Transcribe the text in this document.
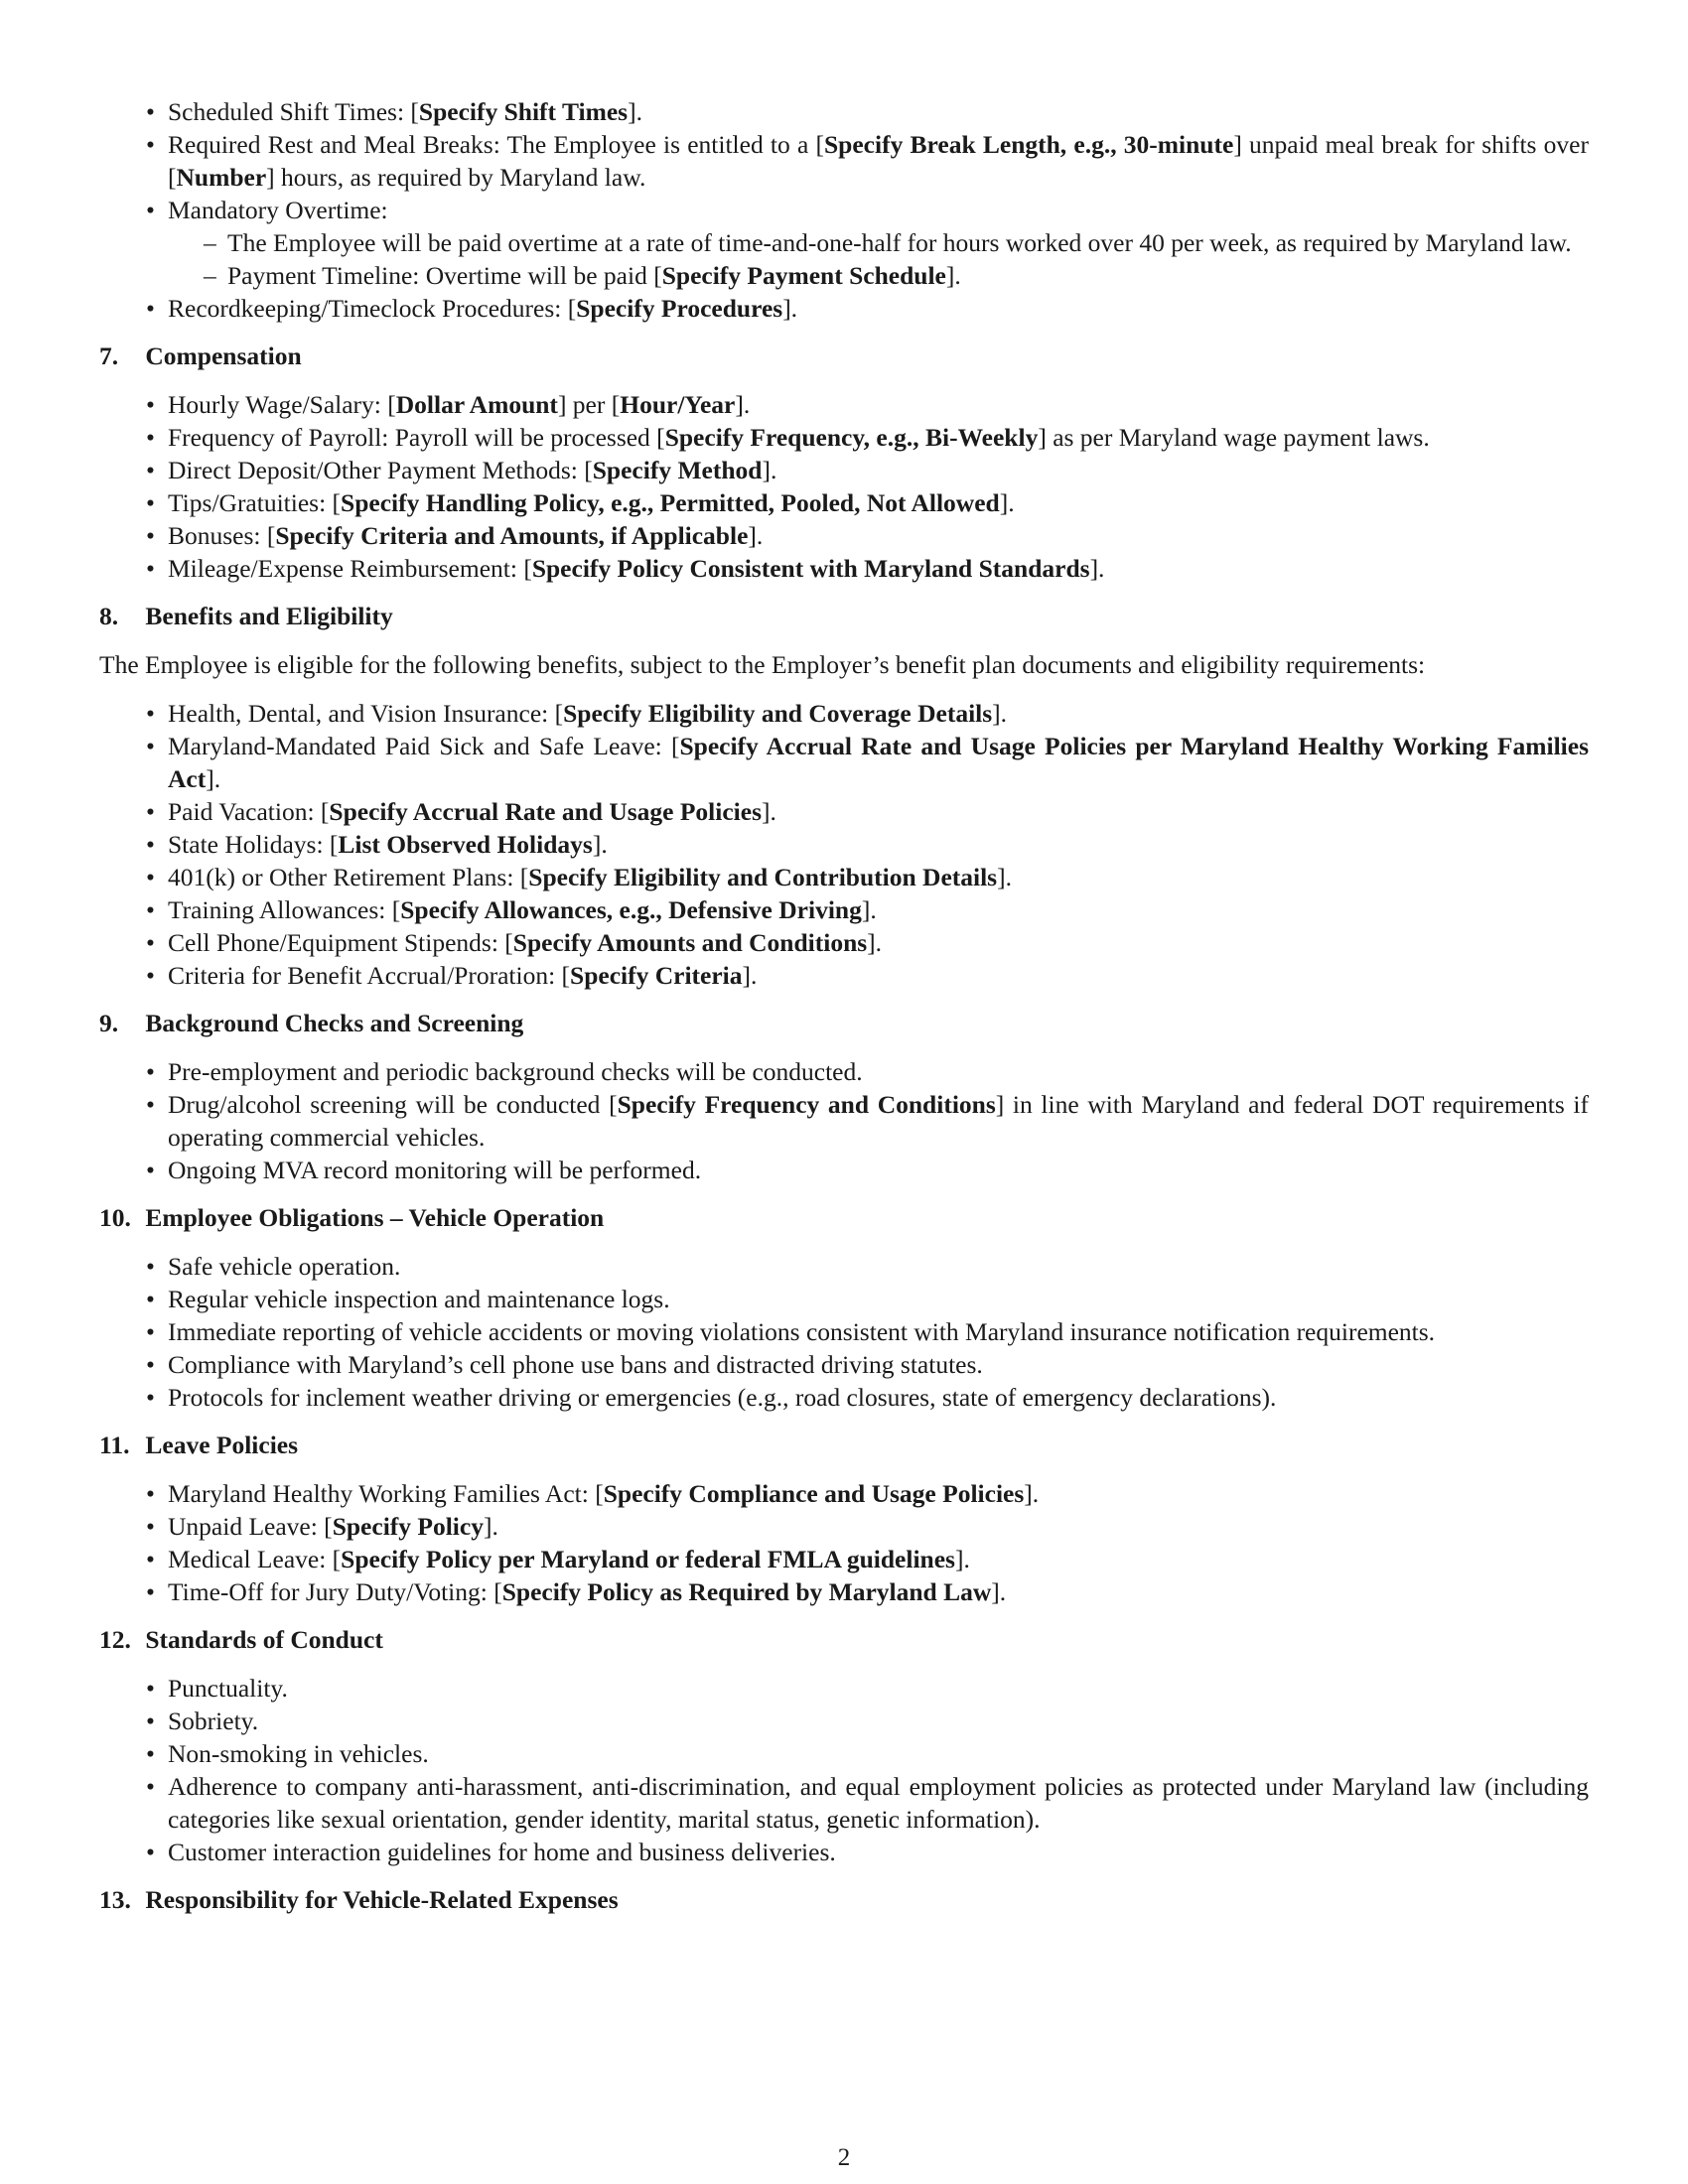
• Scheduled Shift Times: [Specify Shift Times].
• Required Rest and Meal Breaks: The Employee is entitled to a [Specify Break Length, e.g., 30-minute] unpaid meal break for shifts over [Number] hours, as required by Maryland law.
• Mandatory Overtime:
– The Employee will be paid overtime at a rate of time-and-one-half for hours worked over 40 per week, as required by Maryland law.
– Payment Timeline: Overtime will be paid [Specify Payment Schedule].
• Recordkeeping/Timeclock Procedures: [Specify Procedures].
7. Compensation
• Hourly Wage/Salary: [Dollar Amount] per [Hour/Year].
• Frequency of Payroll: Payroll will be processed [Specify Frequency, e.g., Bi-Weekly] as per Maryland wage payment laws.
• Direct Deposit/Other Payment Methods: [Specify Method].
• Tips/Gratuities: [Specify Handling Policy, e.g., Permitted, Pooled, Not Allowed].
• Bonuses: [Specify Criteria and Amounts, if Applicable].
• Mileage/Expense Reimbursement: [Specify Policy Consistent with Maryland Standards].
8. Benefits and Eligibility

The Employee is eligible for the following benefits, subject to the Employer’s benefit plan documents and eligibility requirements:

• Health, Dental, and Vision Insurance: [Specify Eligibility and Coverage Details].
• Maryland-Mandated Paid Sick and Safe Leave: [Specify Accrual Rate and Usage Policies per Maryland Healthy Working Families Act].
• Paid Vacation: [Specify Accrual Rate and Usage Policies].
• State Holidays: [List Observed Holidays].
• 401(k) or Other Retirement Plans: [Specify Eligibility and Contribution Details].
• Training Allowances: [Specify Allowances, e.g., Defensive Driving].
• Cell Phone/Equipment Stipends: [Specify Amounts and Conditions].
• Criteria for Benefit Accrual/Proration: [Specify Criteria].
9. Background Checks and Screening
• Pre-employment and periodic background checks will be conducted.
• Drug/alcohol screening will be conducted [Specify Frequency and Conditions] in line with Maryland and federal DOT requirements if operating commercial vehicles.
• Ongoing MVA record monitoring will be performed.
10. Employee Obligations – Vehicle Operation
• Safe vehicle operation.
• Regular vehicle inspection and maintenance logs.
• Immediate reporting of vehicle accidents or moving violations consistent with Maryland insurance notification requirements.
• Compliance with Maryland’s cell phone use bans and distracted driving statutes.
• Protocols for inclement weather driving or emergencies (e.g., road closures, state of emergency declarations).
11. Leave Policies
• Maryland Healthy Working Families Act: [Specify Compliance and Usage Policies].
• Unpaid Leave: [Specify Policy].
• Medical Leave: [Specify Policy per Maryland or federal FMLA guidelines].
• Time-Off for Jury Duty/Voting: [Specify Policy as Required by Maryland Law].
12. Standards of Conduct
• Punctuality.
• Sobriety.
• Non-smoking in vehicles.
• Adherence to company anti-harassment, anti-discrimination, and equal employment policies as protected under Maryland law (including categories like sexual orientation, gender identity, marital status, genetic information).
• Customer interaction guidelines for home and business deliveries.
13. Responsibility for Vehicle-Related Expenses
2
